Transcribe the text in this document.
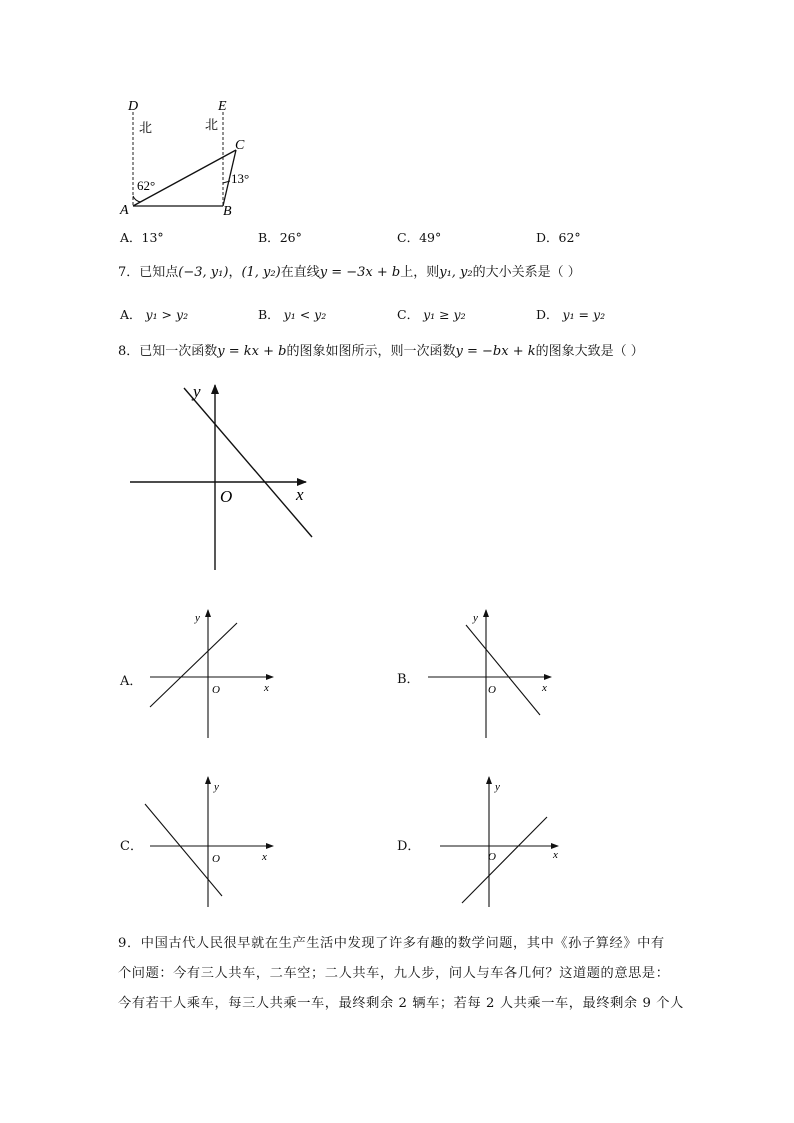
D	E
C
A	B
北	北
62°	13°
A．13°	B．26°	C．49°	D．62°
7．已知点(−3, y₁)，(1, y₂)在直线y = −3x + b上，则y₁, y₂的大小关系是（ ）
A． y₁ > y₂	B． y₁ < y₂	C． y₁ ≥ y₂	D． y₁ = y₂
8．已知一次函数y = kx + b的图象如图所示，则一次函数y = −bx + k的图象大致是（ ）
y
x
O
A．
y
x
O
B．
y
x
O
C．
y
x
O
D．
y
x
O
9．中国古代人民很早就在生产生活中发现了许多有趣的数学问题，其中《孙子算经》中有
个问题：今有三人共车，二车空；二人共车，九人步，问人与车各几何？这道题的意思是：
今有若干人乘车，每三人共乘一车，最终剩余 2 辆车；若每 2 人共乘一车，最终剩余 9 个人
